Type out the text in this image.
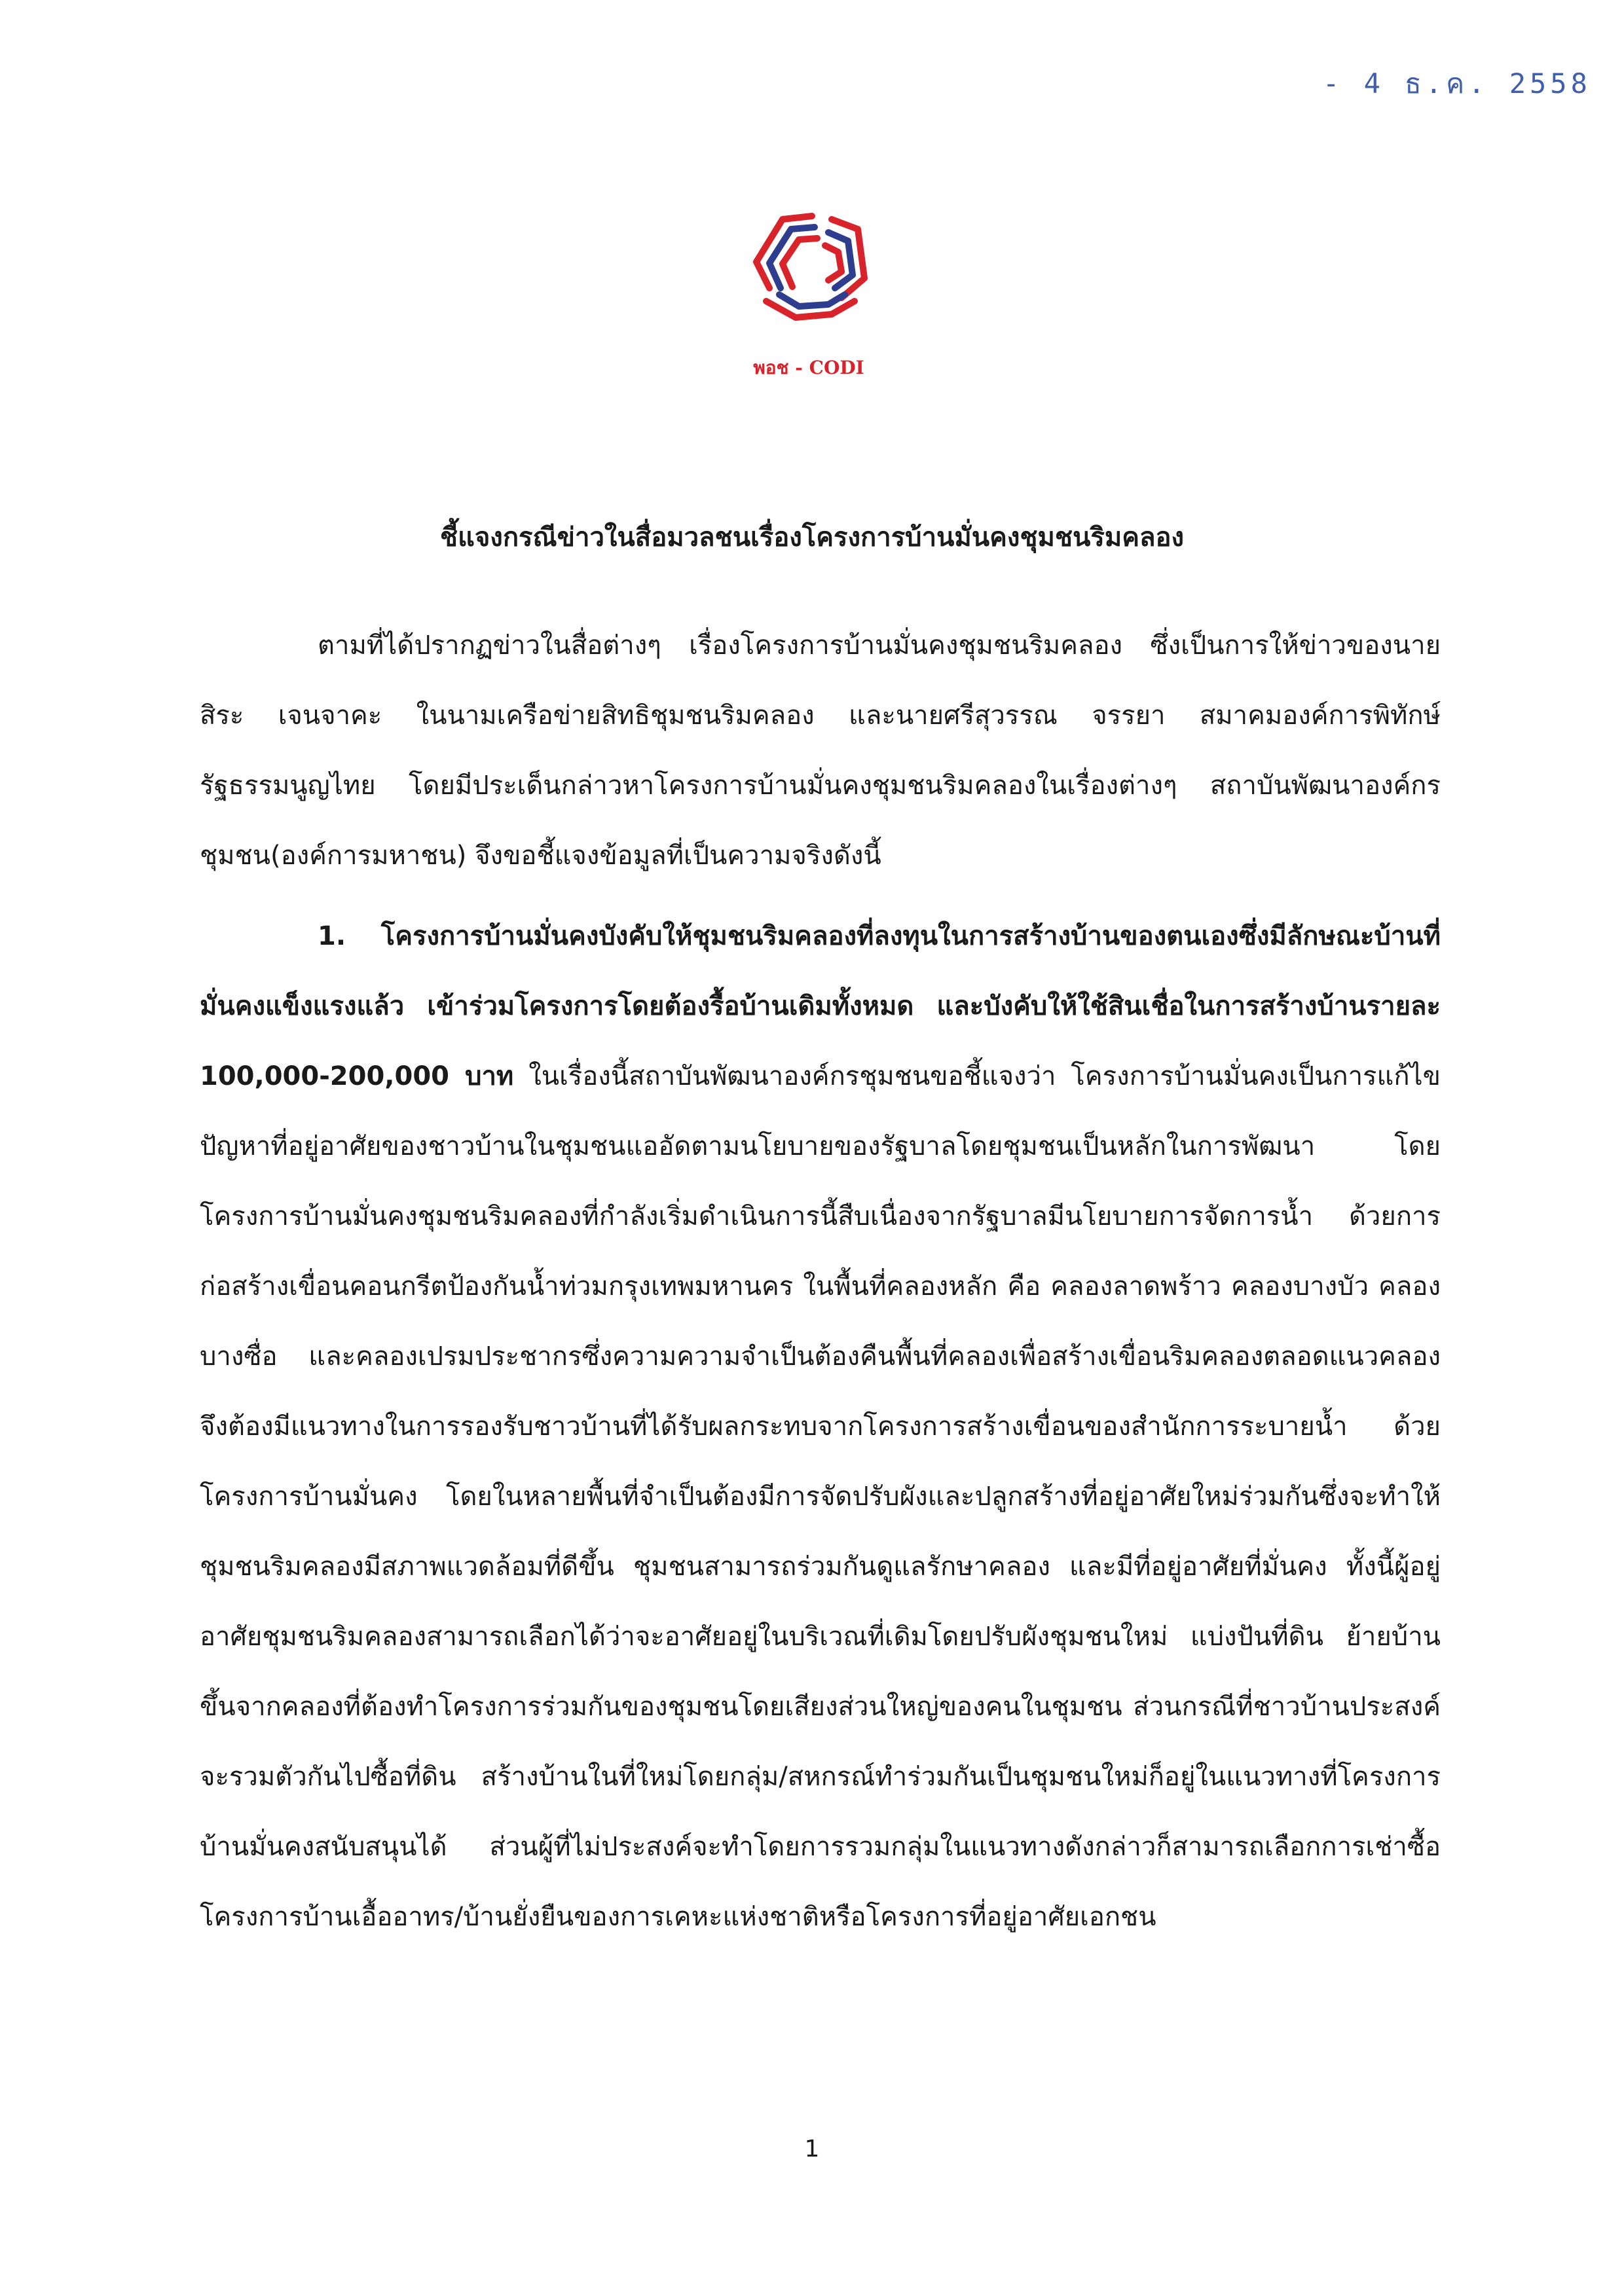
- 4 ธ.ค. 2558
พอช - CODI
ชี้แจงกรณีข่าวในสื่อมวลชนเรื่องโครงการบ้านมั่นคงชุมชนริมคลอง

ตามที่ได้ปรากฏข่าวในสื่อต่างๆ เรื่องโครงการบ้านมั่นคงชุมชนริมคลอง ซึ่งเป็นการให้ข่าวของนายสิระ เจนจาคะ ในนามเครือข่ายสิทธิชุมชนริมคลอง และนายศรีสุวรรณ จรรยา สมาคมองค์การพิทักษ์รัฐธรรมนูญไทย โดยมีประเด็นกล่าวหาโครงการบ้านมั่นคงชุมชนริมคลองในเรื่องต่างๆ สถาบันพัฒนาองค์กรชุมชน(องค์การมหาชน) จึงขอชี้แจงข้อมูลที่เป็นความจริงดังนี้

1. โครงการบ้านมั่นคงบังคับให้ชุมชนริมคลองที่ลงทุนในการสร้างบ้านของตนเองซึ่งมีลักษณะบ้านที่มั่นคงแข็งแรงแล้ว เข้าร่วมโครงการโดยต้องรื้อบ้านเดิมทั้งหมด และบังคับให้ใช้สินเชื่อในการสร้างบ้านรายละ 100,000-200,000 บาท ในเรื่องนี้สถาบันพัฒนาองค์กรชุมชนขอชี้แจงว่า โครงการบ้านมั่นคงเป็นการแก้ไขปัญหาที่อยู่อาศัยของชาวบ้านในชุมชนแออัดตามนโยบายของรัฐบาลโดยชุมชนเป็นหลักในการพัฒนา โดยโครงการบ้านมั่นคงชุมชนริมคลองที่กำลังเริ่มดำเนินการนี้สืบเนื่องจากรัฐบาลมีนโยบายการจัดการน้ำ ด้วยการก่อสร้างเขื่อนคอนกรีตป้องกันน้ำท่วมกรุงเทพมหานคร ในพื้นที่คลองหลัก คือ คลองลาดพร้าว คลองบางบัว คลองบางซื่อ และคลองเปรมประชากรซึ่งความความจำเป็นต้องคืนพื้นที่คลองเพื่อสร้างเขื่อนริมคลองตลอดแนวคลอง จึงต้องมีแนวทางในการรองรับชาวบ้านที่ได้รับผลกระทบจากโครงการสร้างเขื่อนของสำนักการระบายน้ำ ด้วยโครงการบ้านมั่นคง โดยในหลายพื้นที่จำเป็นต้องมีการจัดปรับผังและปลูกสร้างที่อยู่อาศัยใหม่ร่วมกันซึ่งจะทำให้ชุมชนริมคลองมีสภาพแวดล้อมที่ดีขึ้น ชุมชนสามารถร่วมกันดูแลรักษาคลอง และมีที่อยู่อาศัยที่มั่นคง ทั้งนี้ผู้อยู่อาศัยชุมชนริมคลองสามารถเลือกได้ว่าจะอาศัยอยู่ในบริเวณที่เดิมโดยปรับผังชุมชนใหม่ แบ่งปันที่ดิน ย้ายบ้านขึ้นจากคลองที่ต้องทำโครงการร่วมกันของชุมชนโดยเสียงส่วนใหญ่ของคนในชุมชน ส่วนกรณีที่ชาวบ้านประสงค์จะรวมตัวกันไปซื้อที่ดิน สร้างบ้านในที่ใหม่โดยกลุ่ม/สหกรณ์ทำร่วมกันเป็นชุมชนใหม่ก็อยู่ในแนวทางที่โครงการบ้านมั่นคงสนับสนุนได้ ส่วนผู้ที่ไม่ประสงค์จะทำโดยการรวมกลุ่มในแนวทางดังกล่าวก็สามารถเลือกการเช่าซื้อโครงการบ้านเอื้ออาทร/บ้านยั่งยืนของการเคหะแห่งชาติหรือโครงการที่อยู่อาศัยเอกชน

1
